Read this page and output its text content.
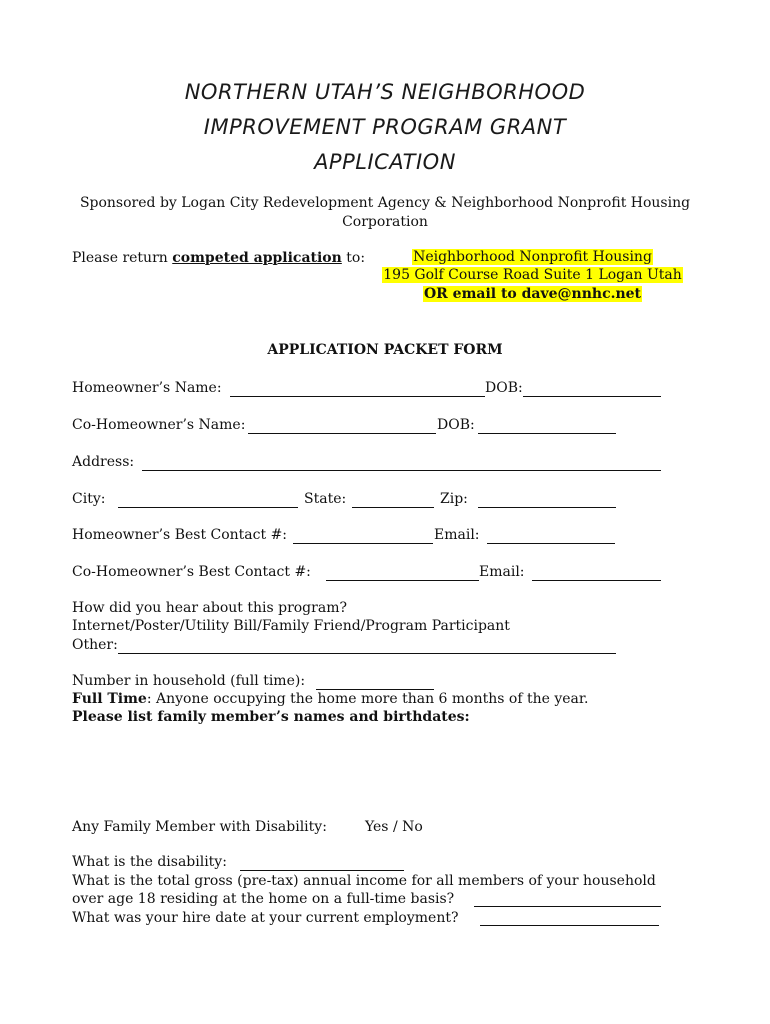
NORTHERN UTAH’S NEIGHBORHOOD
IMPROVEMENT PROGRAM GRANT
APPLICATION
Sponsored by Logan City Redevelopment Agency & Neighborhood Nonprofit Housing Corporation
Please return competed application to:	Neighborhood Nonprofit Housing
195 Golf Course Road Suite 1 Logan Utah
OR email to dave@nnhc.net
APPLICATION PACKET FORM
Homeowner’s Name:	DOB:
Co-Homeowner’s Name:	DOB:
Address:
City:	State:	Zip:
Homeowner’s Best Contact #:	Email:
Co-Homeowner’s Best Contact #:	Email:
How did you hear about this program?
Internet/Poster/Utility Bill/Family Friend/Program Participant
Other:
Number in household (full time):
Full Time: Anyone occupying the home more than 6 months of the year.
Please list family member’s names and birthdates:
Any Family Member with Disability:	Yes / No
What is the disability:
What is the total gross (pre-tax) annual income for all members of your household
over age 18 residing at the home on a full-time basis?
What was your hire date at your current employment?
